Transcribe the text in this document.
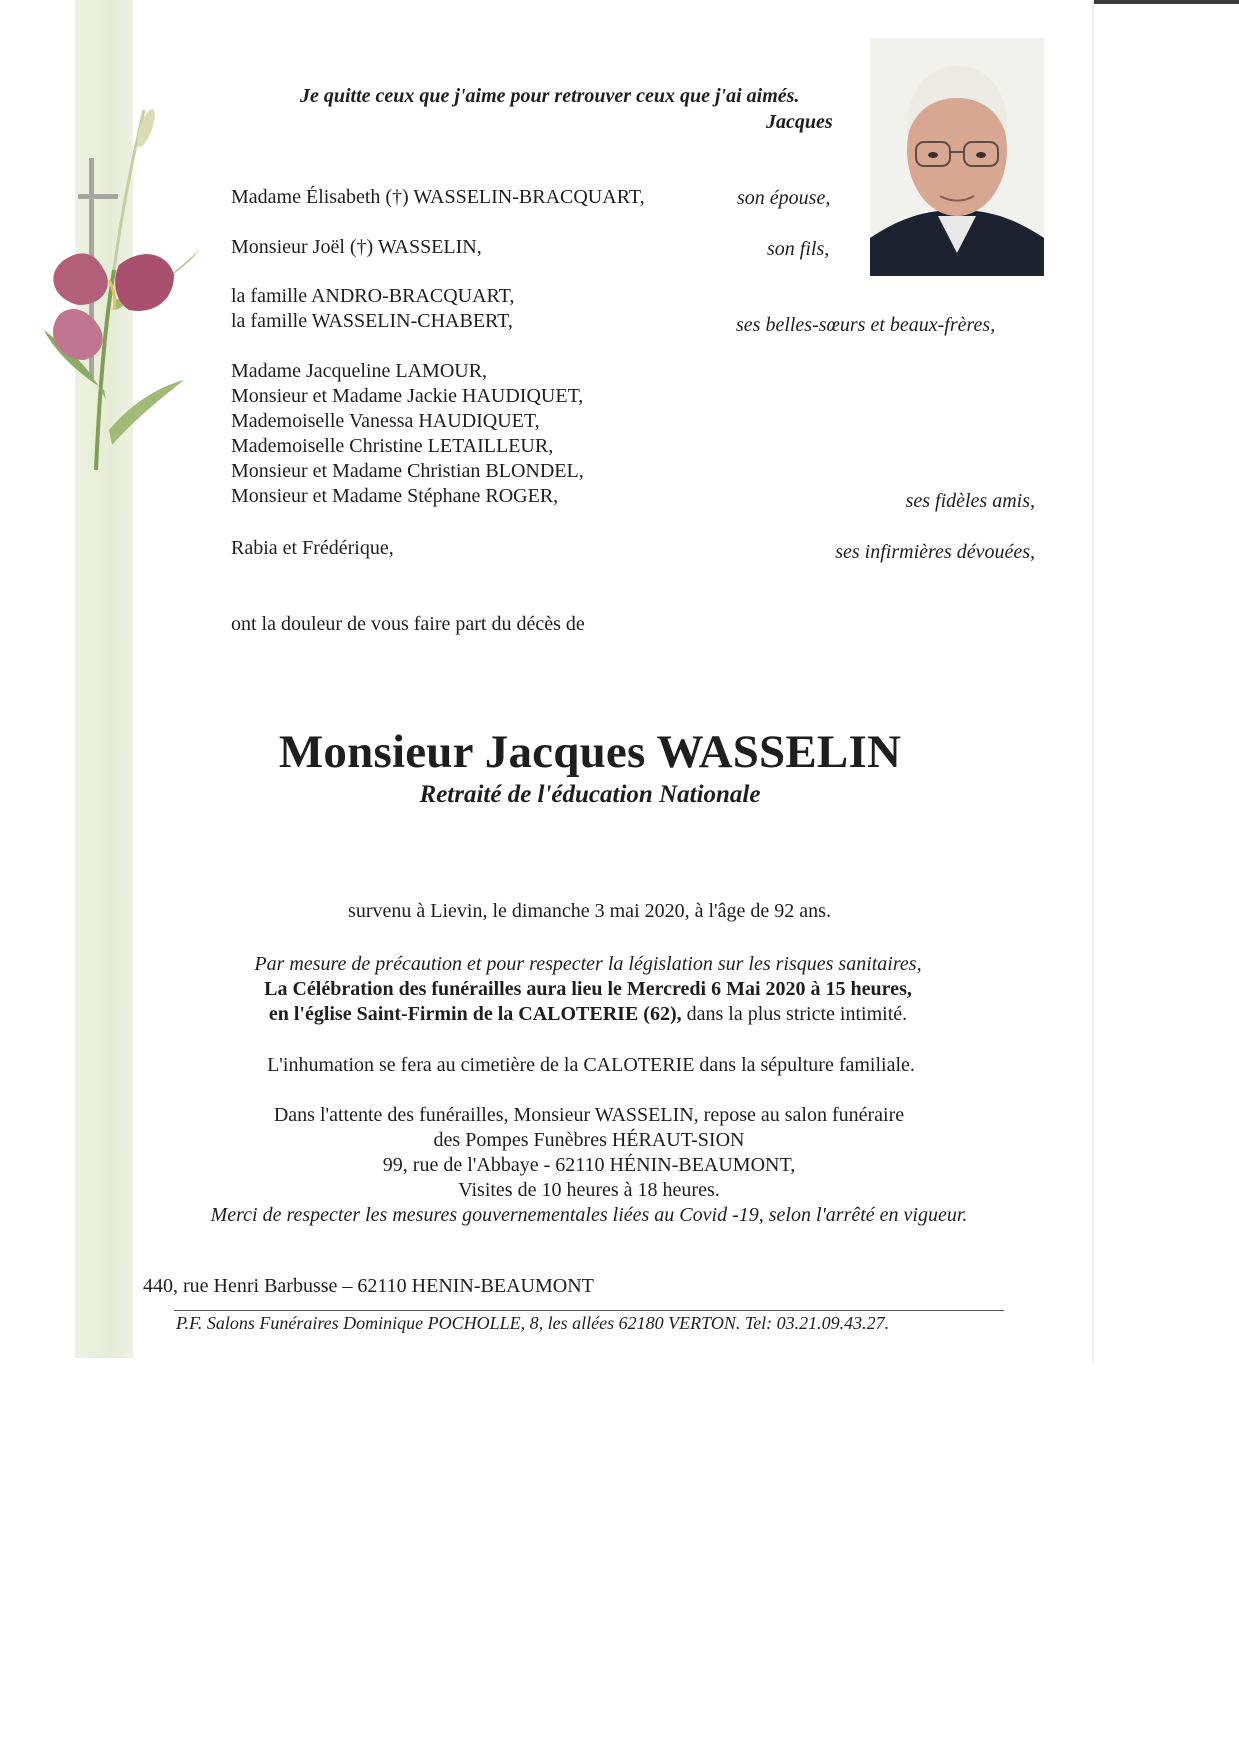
Je quitte ceux que j'aime pour retrouver ceux que j'ai aimés.
Jacques
Madame Élisabeth (†) WASSELIN-BRACQUART,	son épouse,
Monsieur Joël (†) WASSELIN,	son fils,
la famille ANDRO-BRACQUART,
la famille WASSELIN-CHABERT,	ses belles-sœurs et beaux-frères,
Madame Jacqueline LAMOUR,
Monsieur et Madame Jackie HAUDIQUET,
Mademoiselle Vanessa HAUDIQUET,
Mademoiselle Christine LETAILLEUR,
Monsieur et Madame Christian BLONDEL,
Monsieur et Madame Stéphane ROGER,	ses fidèles amis,
Rabia et Frédérique,	ses infirmières dévouées,
ont la douleur de vous faire part du décès de
Monsieur Jacques WASSELIN
Retraité de l'éducation Nationale
survenu à Lievin, le dimanche 3 mai 2020, à l'âge de 92 ans.
Par mesure de précaution et pour respecter la législation sur les risques sanitaires,
La Célébration des funérailles aura lieu le Mercredi 6 Mai 2020 à 15 heures,
en l'église Saint-Firmin de la CALOTERIE (62), dans la plus stricte intimité.
L'inhumation se fera au cimetière de la CALOTERIE dans la sépulture familiale.
Dans l'attente des funérailles, Monsieur WASSELIN, repose au salon funéraire
des Pompes Funèbres HÉRAUT-SION
99, rue de l'Abbaye - 62110 HÉNIN-BEAUMONT,
Visites de 10 heures à 18 heures.
Merci de respecter les mesures gouvernementales liées au Covid -19, selon l'arrêté en vigueur.
440, rue Henri Barbusse – 62110 HENIN-BEAUMONT
P.F. Salons Funéraires Dominique POCHOLLE, 8, les allées 62180 VERTON. Tel: 03.21.09.43.27.
